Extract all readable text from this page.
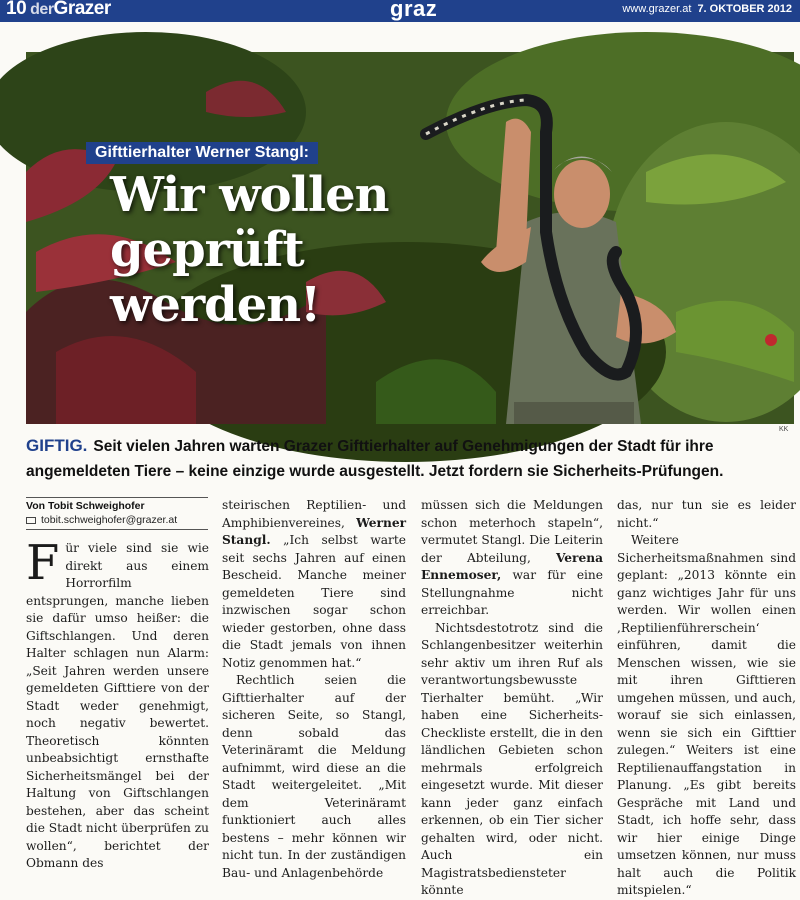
10 derGrazer	graz	www.grazer.at 7. OKTOBER 2012
Gifttierhalter Werner Stangl:
Wir wollen
geprüft
werden!
KK
GIFTIG. Seit vielen Jahren warten Grazer Gifttierhalter auf Genehmigungen der Stadt für ihre angemeldeten Tiere – keine einzige wurde ausgestellt. Jetzt fordern sie Sicherheits-Prüfungen.
Von Tobit Schweighofer
tobit.schweighofer@grazer.at
Für viele sind sie wie direkt aus einem Horrorfilm entsprungen, manche lieben sie dafür umso heißer: die Giftschlangen. Und deren Halter schlagen nun Alarm: „Seit Jahren werden unsere gemeldeten Gifttiere von der Stadt weder genehmigt, noch negativ bewertet. Theoretisch könnten unbeabsichtigt ernsthafte Sicherheitsmängel bei der Haltung von Giftschlangen bestehen, aber das scheint die Stadt nicht überprüfen zu wollen“, berichtet der Obmann des

steirischen Reptilien- und Amphibienvereines, Werner Stangl. „Ich selbst warte seit sechs Jahren auf einen Bescheid. Manche meiner gemeldeten Tiere sind inzwischen sogar schon wieder gestorben, ohne dass die Stadt jemals von ihnen Notiz genommen hat.“

Rechtlich seien die Gifttierhalter auf der sicheren Seite, so Stangl, denn sobald das Veterinäramt die Meldung aufnimmt, wird diese an die Stadt weitergeleitet. „Mit dem Veterinäramt funktioniert auch alles bestens – mehr können wir nicht tun. In der zuständigen Bau- und Anlagenbehörde

müssen sich die Meldungen schon meterhoch stapeln“, vermutet Stangl. Die Leiterin der Abteilung, Verena Ennemoser, war für eine Stellungnahme nicht erreichbar.

Nichtsdestotrotz sind die Schlangenbesitzer weiterhin sehr aktiv um ihren Ruf als verantwortungsbewusste Tierhalter bemüht. „Wir haben eine Sicherheits-Checkliste erstellt, die in den ländlichen Gebieten schon mehrmals erfolgreich eingesetzt wurde. Mit dieser kann jeder ganz einfach erkennen, ob ein Tier sicher gehalten wird, oder nicht. Auch ein Magistratsbediensteter könnte

das, nur tun sie es leider nicht.“

Weitere Sicherheitsmaßnahmen sind geplant: „2013 könnte ein ganz wichtiges Jahr für uns werden. Wir wollen einen ,Reptilienführerschein‘ einführen, damit die Menschen wissen, wie sie mit ihren Gifttieren umgehen müssen, und auch, worauf sie sich einlassen, wenn sie sich ein Gifttier zulegen.“ Weiters ist eine Reptilienauffangstation in Planung. „Es gibt bereits Gespräche mit Land und Stadt, ich hoffe sehr, dass wir hier einige Dinge umsetzen können, nur muss halt auch die Politik mitspielen.“
